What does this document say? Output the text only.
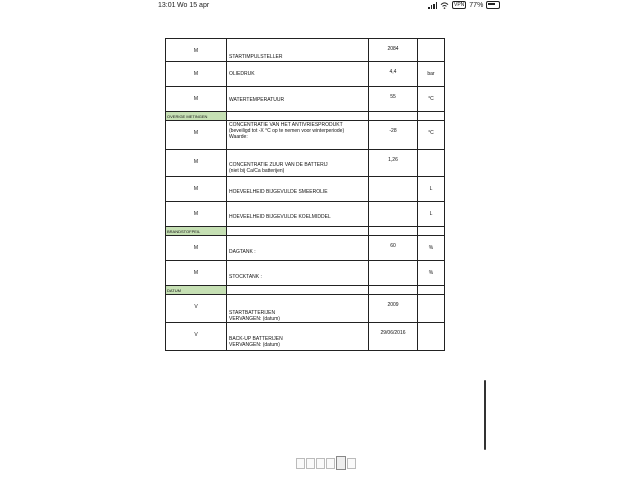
13:01 Wo 15 apr	VPN 77%
M	STARTIMPULSTELLER	2084	

M	OLIEDRUK	4,4	bar

M	WATERTEMPERATUUR	55	°C

OVERIGE METINGEN			

M	CONCENTRATIE VAN HET ANTIVRIESPRODUKT
(beveiligd tot -X °C op te nemen voor winterperiode)
Waarde:	-28	°C

M	CONCENTRATIE ZUUR VAN DE BATTERIJ
(niet bij Ca/Ca batterijen)	1,26	

M	HOEVEELHEID BIJGEVULDE SMEEROLIE		L

M	HOEVEELHEID BIJGEVULDE KOELMIDDEL		L

BRANDSTOFPEIL			

M	DAGTANK :	60	%

M	STOCKTANK :		%

DATUM			

V	STARTBATTERIJEN
VERVANGEN: (datum)	2009	

V	BACK-UP BATTERIJEN
VERVANGEN: (datum)	29/06/2016	
